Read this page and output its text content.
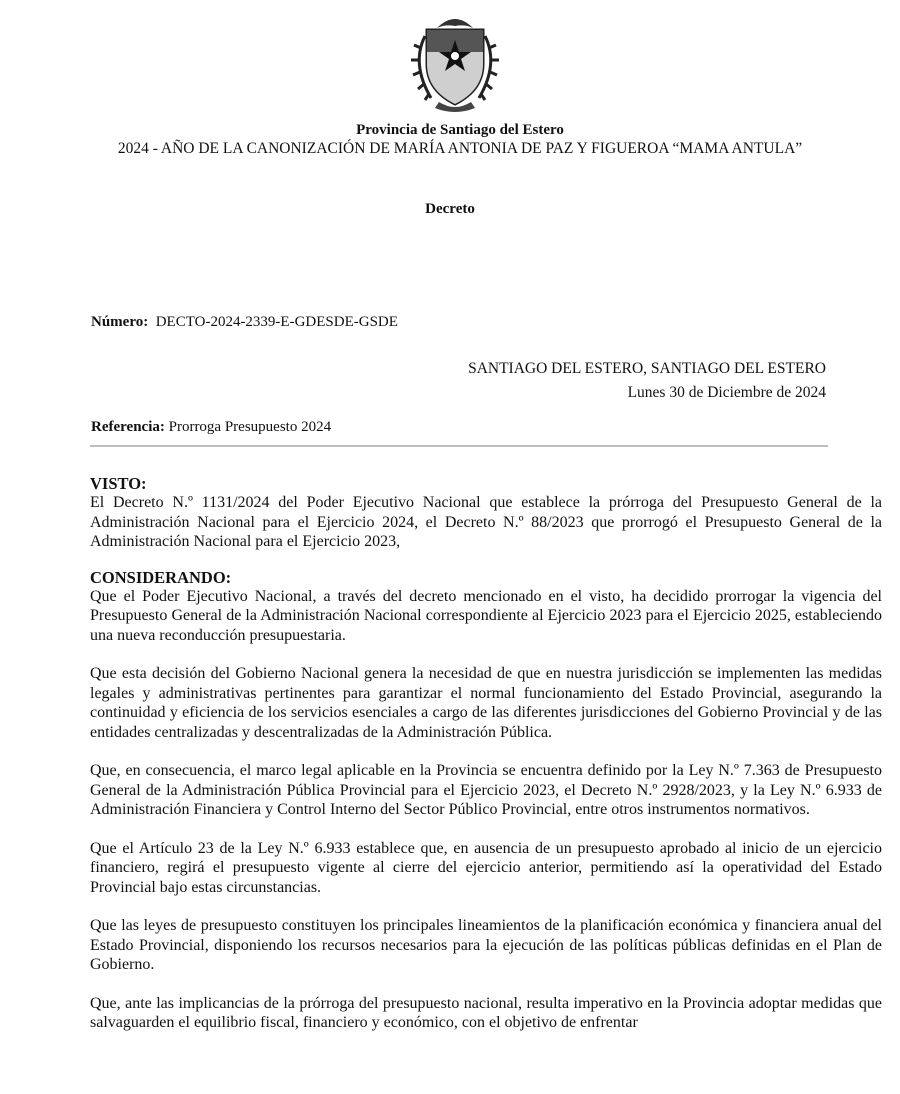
Provincia de Santiago del Estero
2024 - AÑO DE LA CANONIZACIÓN DE MARÍA ANTONIA DE PAZ Y FIGUEROA “MAMA ANTULA”
Decreto
Número: DECTO-2024-2339-E-GDESDE-GSDE
SANTIAGO DEL ESTERO, SANTIAGO DEL ESTERO
Lunes 30 de Diciembre de 2024
Referencia: Prorroga Presupuesto 2024
VISTO:

El Decreto N.º 1131/2024 del Poder Ejecutivo Nacional que establece la prórroga del Presupuesto General de la Administración Nacional para el Ejercicio 2024, el Decreto N.º 88/2023 que prorrogó el Presupuesto General de la Administración Nacional para el Ejercicio 2023,

CONSIDERANDO:

Que el Poder Ejecutivo Nacional, a través del decreto mencionado en el visto, ha decidido prorrogar la vigencia del Presupuesto General de la Administración Nacional correspondiente al Ejercicio 2023 para el Ejercicio 2025, estableciendo una nueva reconducción presupuestaria.

Que esta decisión del Gobierno Nacional genera la necesidad de que en nuestra jurisdicción se implementen las medidas legales y administrativas pertinentes para garantizar el normal funcionamiento del Estado Provincial, asegurando la continuidad y eficiencia de los servicios esenciales a cargo de las diferentes jurisdicciones del Gobierno Provincial y de las entidades centralizadas y descentralizadas de la Administración Pública.

Que, en consecuencia, el marco legal aplicable en la Provincia se encuentra definido por la Ley N.º 7.363 de Presupuesto General de la Administración Pública Provincial para el Ejercicio 2023, el Decreto N.º 2928/2023, y la Ley N.º 6.933 de Administración Financiera y Control Interno del Sector Público Provincial, entre otros instrumentos normativos.

Que el Artículo 23 de la Ley N.º 6.933 establece que, en ausencia de un presupuesto aprobado al inicio de un ejercicio financiero, regirá el presupuesto vigente al cierre del ejercicio anterior, permitiendo así la operatividad del Estado Provincial bajo estas circunstancias.

Que las leyes de presupuesto constituyen los principales lineamientos de la planificación económica y financiera anual del Estado Provincial, disponiendo los recursos necesarios para la ejecución de las políticas públicas definidas en el Plan de Gobierno.

Que, ante las implicancias de la prórroga del presupuesto nacional, resulta imperativo en la Provincia adoptar medidas que salvaguarden el equilibrio fiscal, financiero y económico, con el objetivo de enfrentar
